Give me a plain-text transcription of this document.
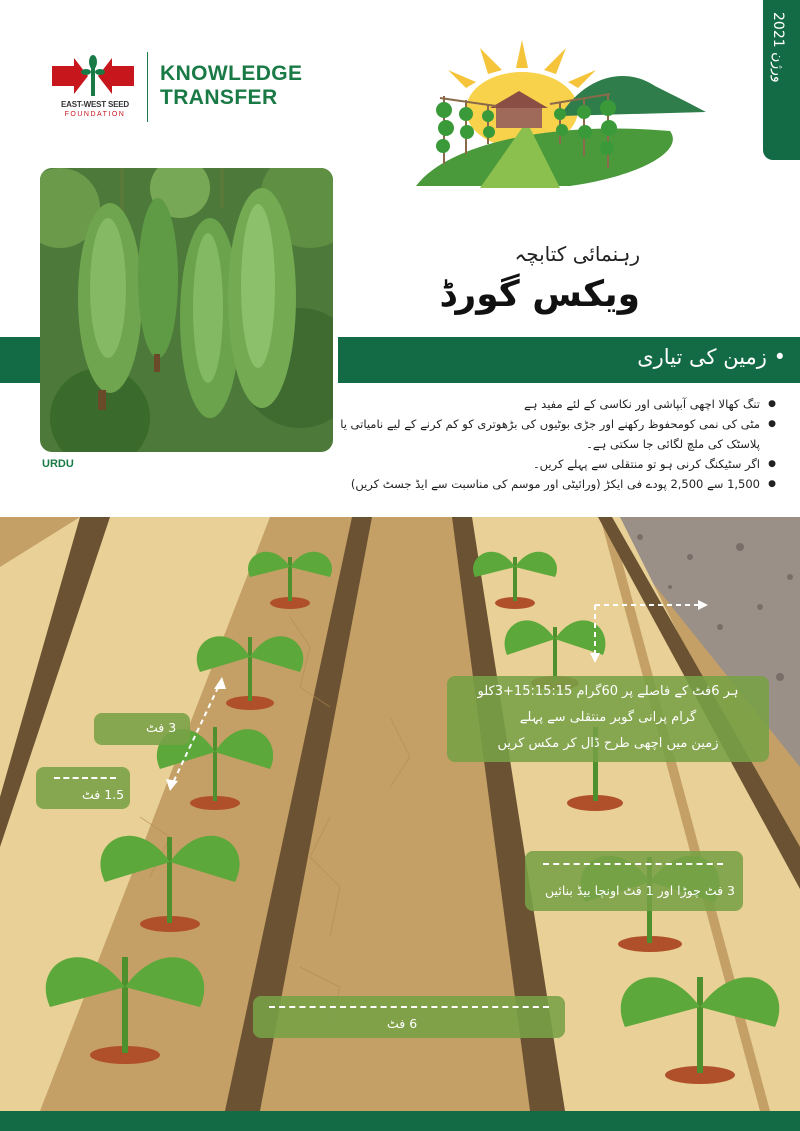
EAST-WEST SEED
FOUNDATION
KNOWLEDGE
TRANSFER
ورژن 2021
URDU
رہنمائی کتابچہ
ویکس گورڈ
• زمین کی تیاری
● تنگ کھالا اچھی آبپاشی اور نکاسی کے لئے مفید ہے
● مٹی کی نمی کومحفوظ رکھنے اور جڑی بوٹیوں کی بڑھوتری کو کم کرنے کے لیے نامیاتی یا پلاسٹک کی ملچ لگائی جا سکتی ہے۔
● اگر سٹیکنگ کرنی ہو تو منتقلی سے پہلے کریں۔
● 1,500 سے 2,500 پودے فی ایکڑ (ورائیٹی اور موسم کی مناسبت سے ایڈ جسٹ کریں)
3 فٹ
1.5 فٹ
ہر 6فٹ کے فاصلے پر 60گرام 15:15:15+3کلو
گرام پرانی گوبر منتقلی سے پہلے
زمین میں اچھی طرح ڈال کر مکس کریں
3 فٹ چوڑا اور 1 فٹ اونچا بیڈ بنائیں
6 فٹ
